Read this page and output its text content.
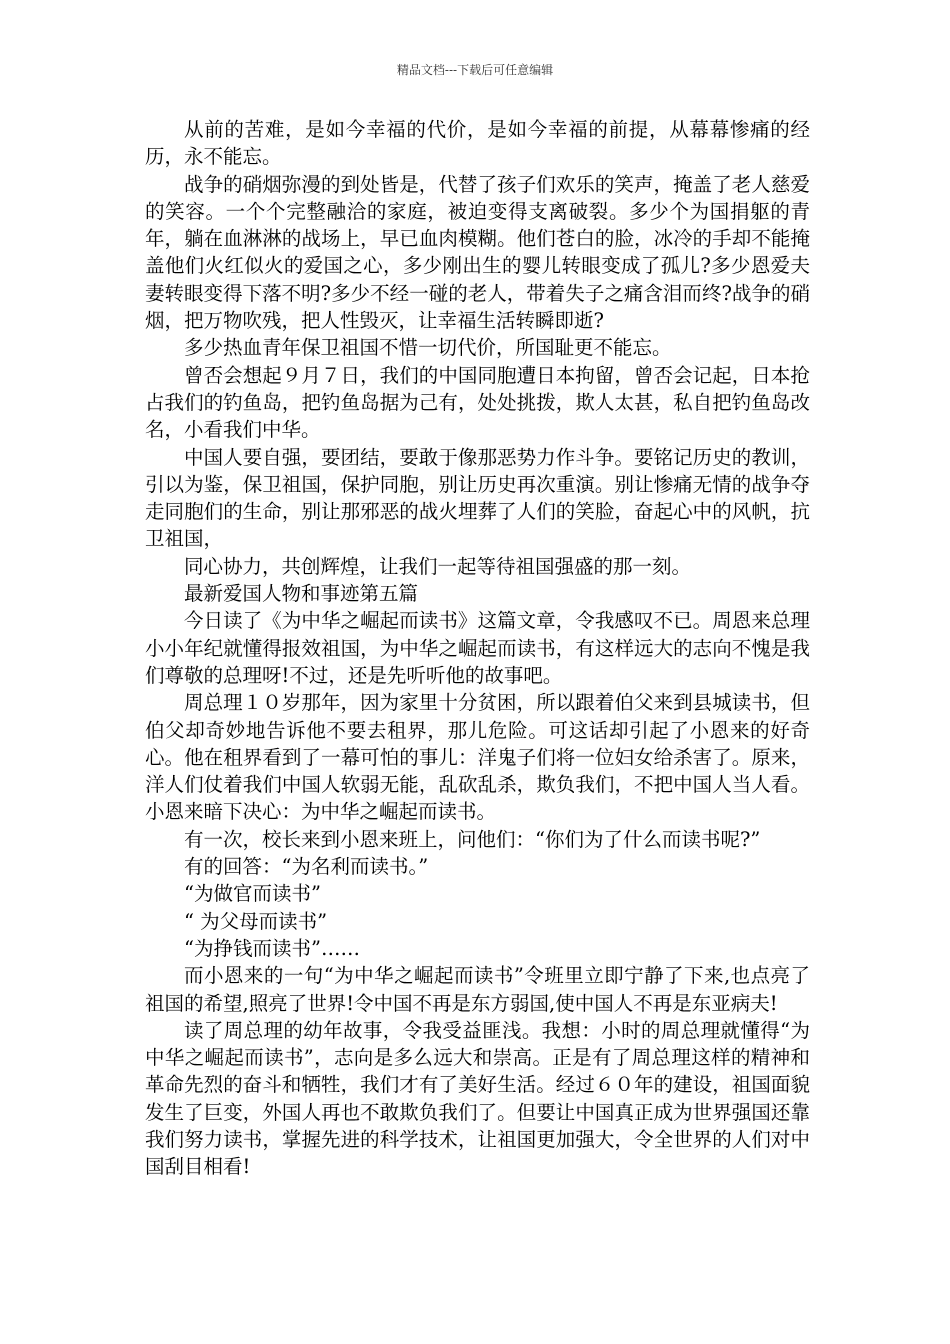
精品文档---下载后可任意编辑

从前的苦难，是如今幸福的代价，是如今幸福的前提，从幕幕惨痛的经历，永不能忘。

战争的硝烟弥漫的到处皆是，代替了孩子们欢乐的笑声，掩盖了老人慈爱的笑容。一个个完整融洽的家庭，被迫变得支离破裂。多少个为国捐躯的青年，躺在血淋淋的战场上，早已血肉模糊。他们苍白的脸，冰冷的手却不能掩盖他们火红似火的爱国之心，多少刚出生的婴儿转眼变成了孤儿?多少恩爱夫妻转眼变得下落不明?多少不经一碰的老人，带着失子之痛含泪而终?战争的硝烟，把万物吹残，把人性毁灭，让幸福生活转瞬即逝?

多少热血青年保卫祖国不惜一切代价，所国耻更不能忘。

曾否会想起９月７日，我们的中国同胞遭日本拘留，曾否会记起，日本抢占我们的钓鱼岛，把钓鱼岛据为己有，处处挑拨，欺人太甚，私自把钓鱼岛改名，小看我们中华。

中国人要自强，要团结，要敢于像那恶势力作斗争。要铭记历史的教训，引以为鉴，保卫祖国，保护同胞，别让历史再次重演。别让惨痛无情的战争夺走同胞们的生命，别让那邪恶的战火埋葬了人们的笑脸，奋起心中的风帆，抗卫祖国，

同心协力，共创辉煌，让我们一起等待祖国强盛的那一刻。

最新爱国人物和事迹第五篇

今日读了《为中华之崛起而读书》这篇文章，令我感叹不已。周恩来总理小小年纪就懂得报效祖国，为中华之崛起而读书，有这样远大的志向不愧是我们尊敬的总理呀!不过，还是先听听他的故事吧。

周总理１０岁那年，因为家里十分贫困，所以跟着伯父来到县城读书，但伯父却奇妙地告诉他不要去租界，那儿危险。可这话却引起了小恩来的好奇心。他在租界看到了一幕可怕的事儿：洋鬼子们将一位妇女给杀害了。原来，洋人们仗着我们中国人软弱无能，乱砍乱杀，欺负我们，不把中国人当人看。小恩来暗下决心：为中华之崛起而读书。

有一次，校长来到小恩来班上，问他们：“你们为了什么而读书呢?”

有的回答：“为名利而读书。”

“为做官而读书”

“ 为父母而读书”

“为挣钱而读书”……

而小恩来的一句“为中华之崛起而读书”令班里立即宁静了下来,也点亮了祖国的希望,照亮了世界!令中国不再是东方弱国,使中国人不再是东亚病夫!

读了周总理的幼年故事，令我受益匪浅。我想：小时的周总理就懂得“为中华之崛起而读书”，志向是多么远大和崇高。正是有了周总理这样的精神和革命先烈的奋斗和牺牲，我们才有了美好生活。经过６０年的建设，祖国面貌发生了巨变，外国人再也不敢欺负我们了。但要让中国真正成为世界强国还靠我们努力读书，掌握先进的科学技术，让祖国更加强大，令全世界的人们对中国刮目相看!
